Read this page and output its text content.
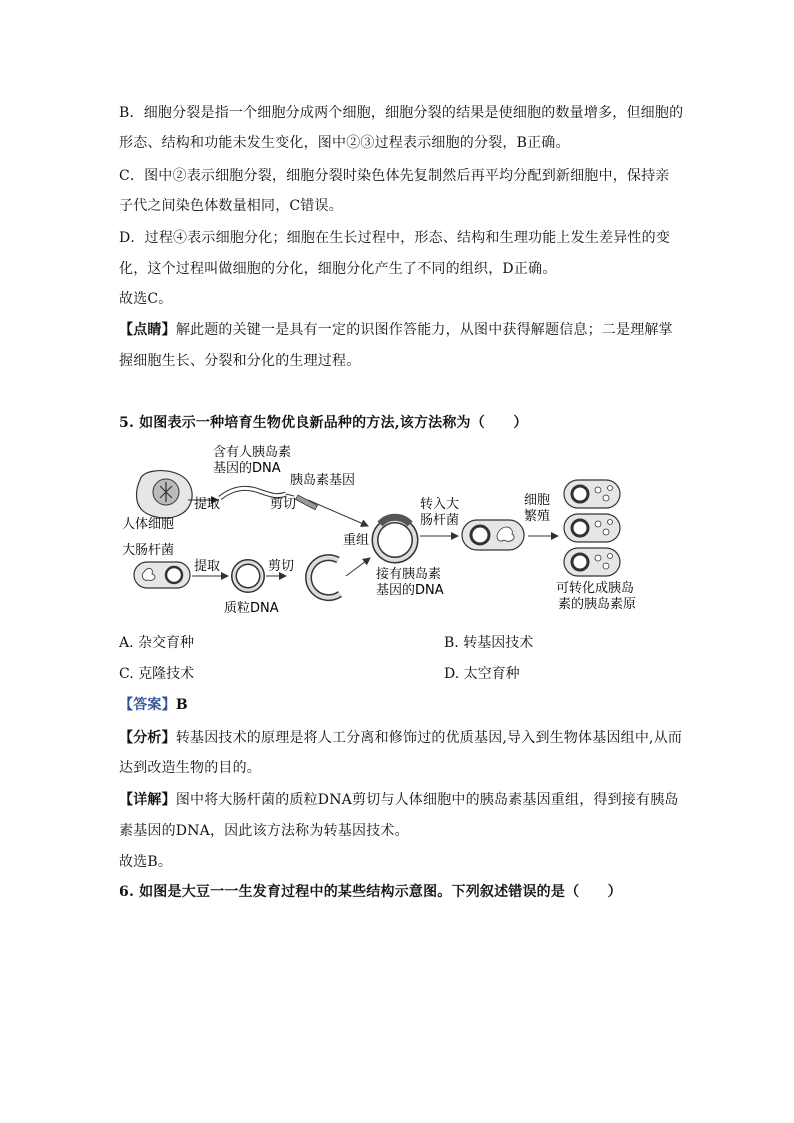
B．细胞分裂是指一个细胞分成两个细胞，细胞分裂的结果是使细胞的数量增多，但细胞的
形态、结构和功能未发生变化，图中②③过程表示细胞的分裂，B正确。
C．图中②表示细胞分裂，细胞分裂时染色体先复制然后再平均分配到新细胞中，保持亲
子代之间染色体数量相同，C错误。
D．过程④表示细胞分化；细胞在生长过程中，形态、结构和生理功能上发生差异性的变
化，这个过程叫做细胞的分化，细胞分化产生了不同的组织，D正确。
故选C。
【点睛】解此题的关键一是具有一定的识图作答能力，从图中获得解题信息；二是理解掌
握细胞生长、分裂和分化的生理过程。
5. 如图表示一种培育生物优良新品种的方法,该方法称为（　　）
含有人胰岛素
基因的DNA
胰岛素基因
提取	剪切
人体细胞
大肠杆菌
提取
质粒DNA
剪切
重组
接有胰岛素
基因的DNA
转入大
肠杆菌
细胞
繁殖
可转化成胰岛
素的胰岛素原
A. 杂交育种	B. 转基因技术
C. 克隆技术	D. 太空育种
【答案】B
【分析】转基因技术的原理是将人工分离和修饰过的优质基因,导入到生物体基因组中,从而
达到改造生物的目的。
【详解】图中将大肠杆菌的质粒DNA剪切与人体细胞中的胰岛素基因重组，得到接有胰岛
素基因的DNA，因此该方法称为转基因技术。
故选B。
6. 如图是大豆一一生发育过程中的某些结构示意图。下列叙述错误的是（　　）
